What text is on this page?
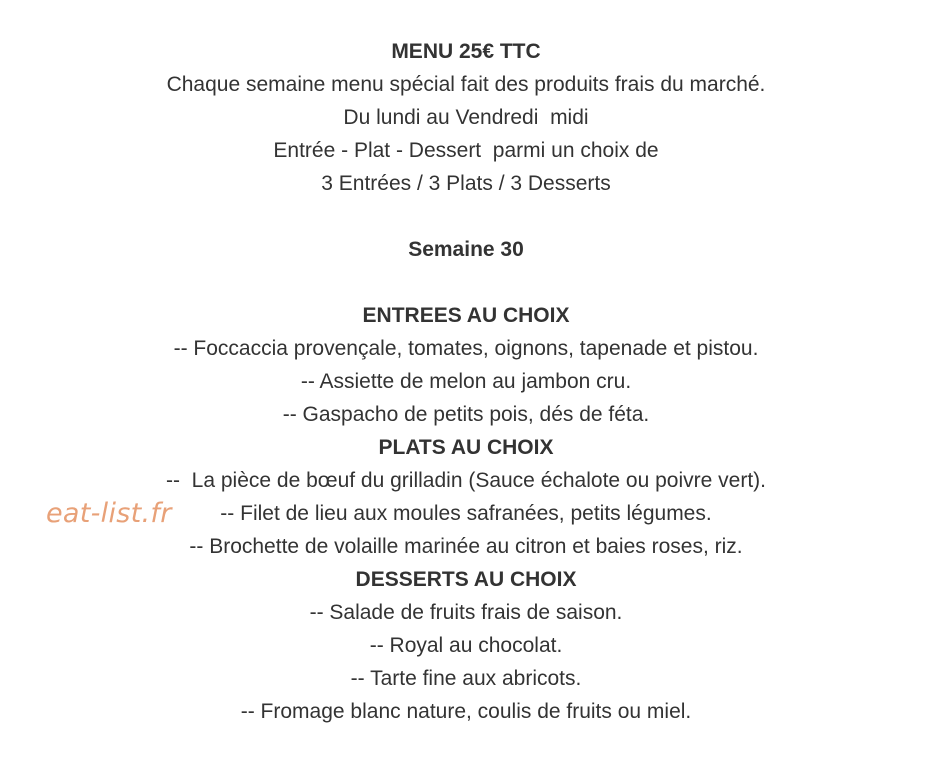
MENU 25€ TTC
Chaque semaine menu spécial fait des produits frais du marché.
Du lundi au Vendredi  midi
Entrée - Plat - Dessert  parmi un choix de
3 Entrées / 3 Plats / 3 Desserts
Semaine 30
ENTREES AU CHOIX
-- Foccaccia provençale, tomates, oignons, tapenade et pistou.
-- Assiette de melon au jambon cru.
-- Gaspacho de petits pois, dés de féta.
PLATS AU CHOIX
--  La pièce de bœuf du grilladin (Sauce échalote ou poivre vert).
-- Filet de lieu aux moules safranées, petits légumes.
-- Brochette de volaille marinée au citron et baies roses, riz.
DESSERTS AU CHOIX
-- Salade de fruits frais de saison.
-- Royal au chocolat.
-- Tarte fine aux abricots.
-- Fromage blanc nature, coulis de fruits ou miel.
eat-list.fr
